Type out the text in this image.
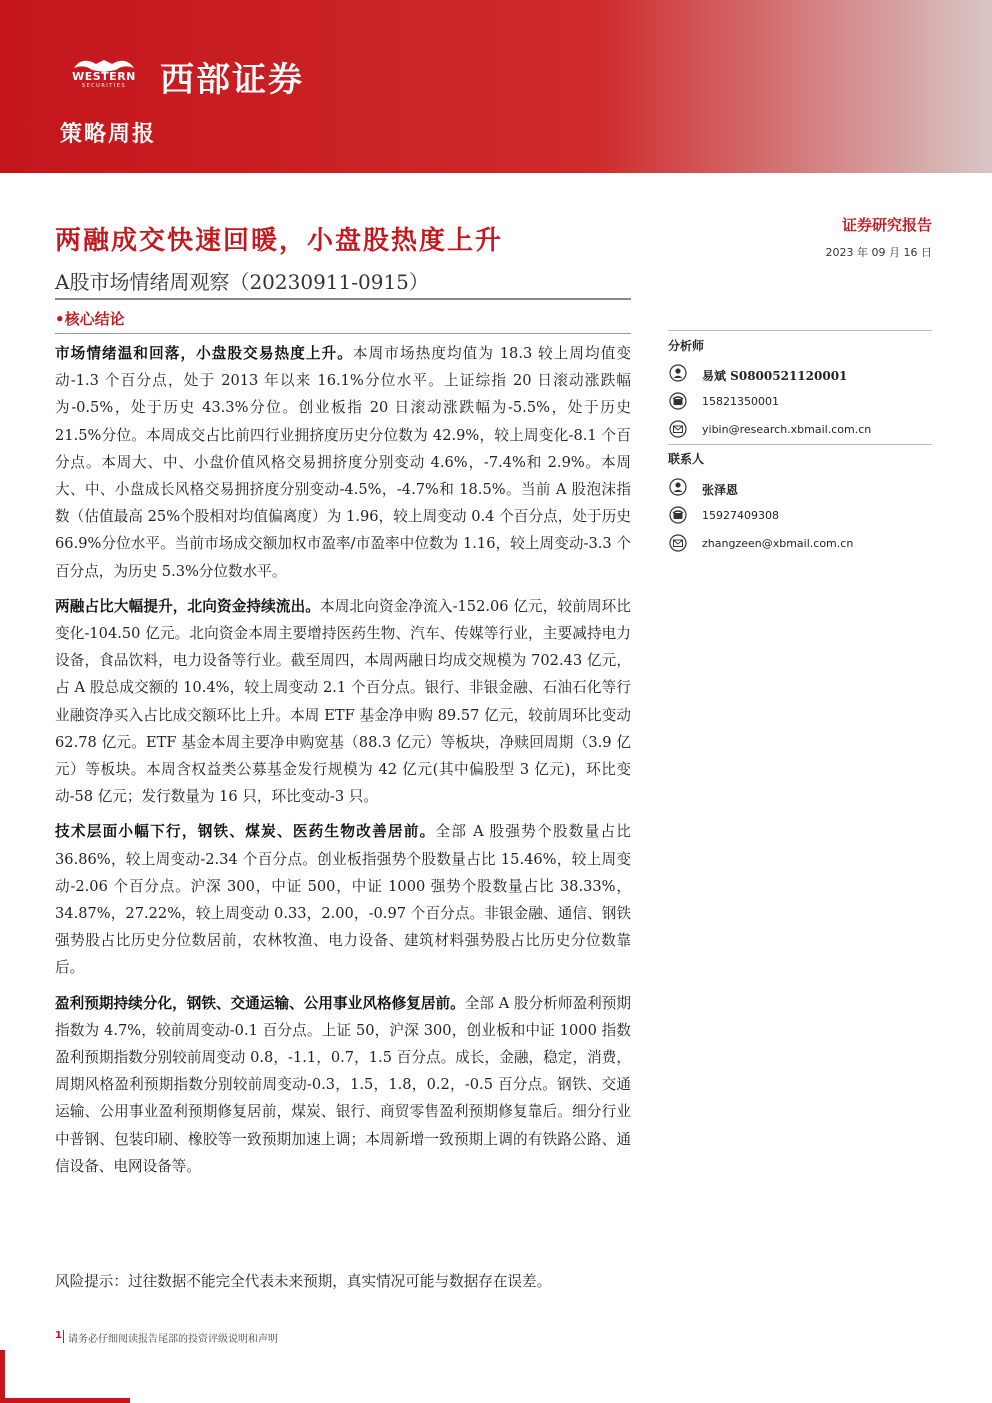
WESTERN
SECURITIES 西部证券
策略周报
两融成交快速回暖，小盘股热度上升
A股市场情绪周观察（20230911-0915）
•核心结论

市场情绪温和回落，小盘股交易热度上升。本周市场热度均值为 18.3 较上周均值变动-1.3 个百分点，处于 2013 年以来 16.1%分位水平。上证综指 20 日滚动涨跌幅为-0.5%，处于历史 43.3%分位。创业板指 20 日滚动涨跌幅为-5.5%，处于历史 21.5%分位。本周成交占比前四行业拥挤度历史分位数为 42.9%，较上周变化-8.1 个百分点。本周大、中、小盘价值风格交易拥挤度分别变动 4.6%，-7.4%和 2.9%。本周大、中、小盘成长风格交易拥挤度分别变动-4.5%，-4.7%和 18.5%。当前 A 股泡沫指数（估值最高 25%个股相对均值偏离度）为 1.96，较上周变动 0.4 个百分点，处于历史 66.9%分位水平。当前市场成交额加权市盈率/市盈率中位数为 1.16，较上周变动-3.3 个百分点，为历史 5.3%分位数水平。

两融占比大幅提升，北向资金持续流出。本周北向资金净流入-152.06 亿元，较前周环比变化-104.50 亿元。北向资金本周主要增持医药生物、汽车、传媒等行业，主要减持电力设备，食品饮料，电力设备等行业。截至周四，本周两融日均成交规模为 702.43 亿元，占 A 股总成交额的 10.4%，较上周变动 2.1 个百分点。银行、非银金融、石油石化等行业融资净买入占比成交额环比上升。本周 ETF 基金净申购 89.57 亿元，较前周环比变动 62.78 亿元。ETF 基金本周主要净申购宽基（88.3 亿元）等板块，净赎回周期（3.9 亿元）等板块。本周含权益类公募基金发行规模为 42 亿元(其中偏股型 3 亿元)，环比变动-58 亿元；发行数量为 16 只，环比变动-3 只。

技术层面小幅下行，钢铁、煤炭、医药生物改善居前。全部 A 股强势个股数量占比 36.86%，较上周变动-2.34 个百分点。创业板指强势个股数量占比 15.46%，较上周变动-2.06 个百分点。沪深 300，中证 500，中证 1000 强势个股数量占比 38.33%，34.87%，27.22%，较上周变动 0.33，2.00，-0.97 个百分点。非银金融、通信、钢铁强势股占比历史分位数居前，农林牧渔、电力设备、建筑材料强势股占比历史分位数靠后。

盈利预期持续分化，钢铁、交通运输、公用事业风格修复居前。全部 A 股分析师盈利预期指数为 4.7%，较前周变动-0.1 百分点。上证 50，沪深 300，创业板和中证 1000 指数盈利预期指数分别较前周变动 0.8，-1.1，0.7，1.5 百分点。成长，金融，稳定，消费，周期风格盈利预期指数分别较前周变动-0.3，1.5，1.8，0.2，-0.5 百分点。钢铁、交通运输、公用事业盈利预期修复居前，煤炭、银行、商贸零售盈利预期修复靠后。细分行业中普钢、包装印刷、橡胶等一致预期加速上调；本周新增一致预期上调的有铁路公路、通信设备、电网设备等。

风险提示：过往数据不能完全代表未来预期，真实情况可能与数据存在误差。
证券研究报告
2023 年 09 月 16 日
分析师
易斌 S0800521120001
15821350001
yibin@research.xbmail.com.cn
联系人
张泽恩
15927409308
zhangzeen@xbmail.com.cn
1 请务必仔细阅读报告尾部的投资评级说明和声明
